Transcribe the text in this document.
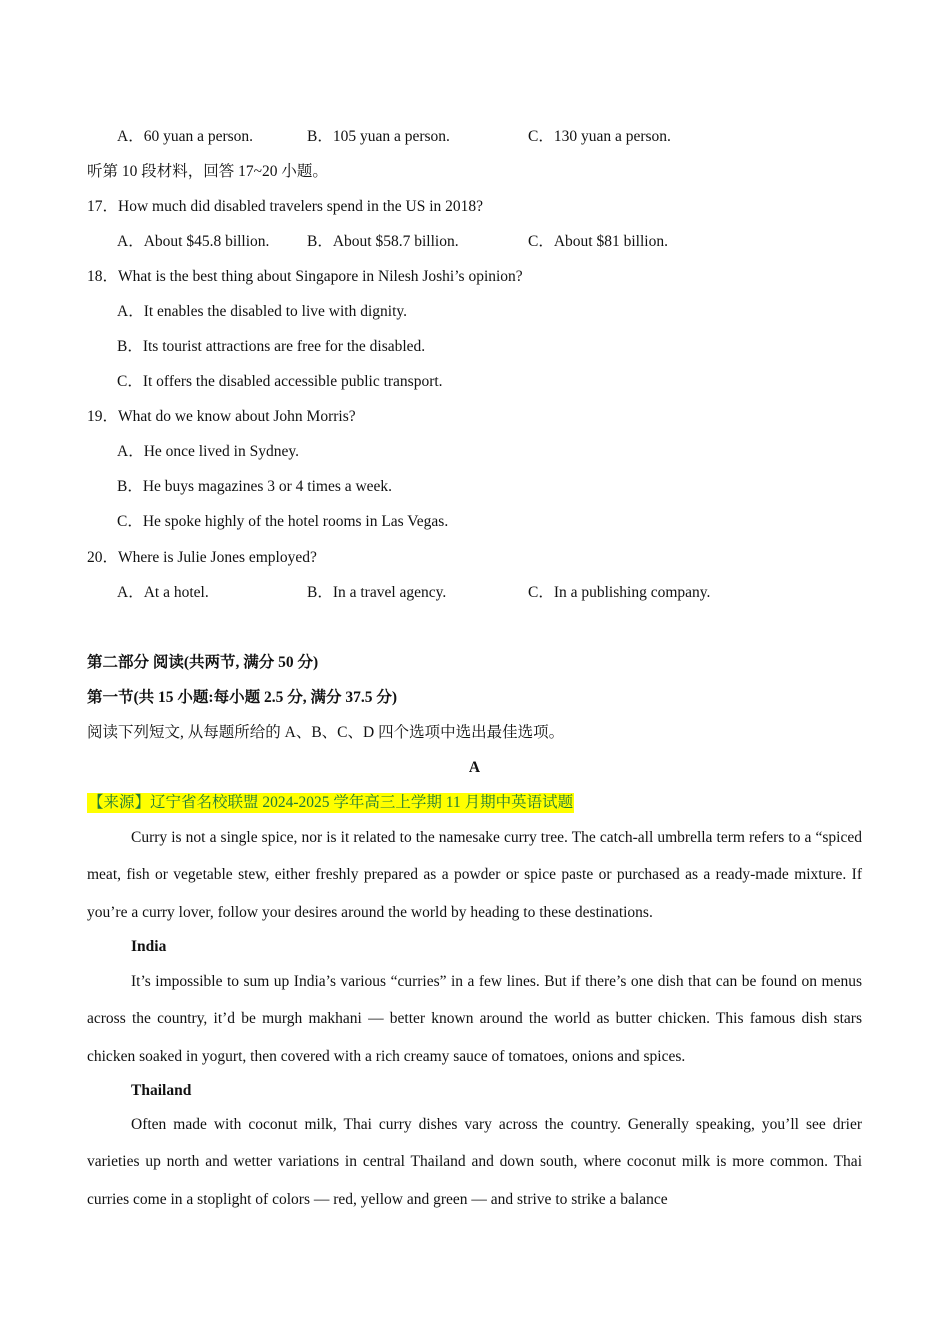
A．60 yuan a person.	B．105 yuan a person.	C．130 yuan a person.
听第 10 段材料，回答 17~20 小题。
17．How much did disabled travelers spend in the US in 2018?
A．About $45.8 billion. B．About $58.7 billion.	C．About $81 billion.
18．What is the best thing about Singapore in Nilesh Joshi’s opinion?
A．It enables the disabled to live with dignity.
B．Its tourist attractions are free for the disabled.
C．It offers the disabled accessible public transport.
19．What do we know about John Morris?
A．He once lived in Sydney.
B．He buys magazines 3 or 4 times a week.
C．He spoke highly of the hotel rooms in Las Vegas.
20．Where is Julie Jones employed?
A．At a hotel.	B．In a travel agency.	C．In a publishing company.
第二部分 阅读(共两节, 满分 50 分)
第一节(共 15 小题:每小题 2.5 分, 满分 37.5 分)
阅读下列短文, 从每题所给的 A、B、C、D 四个选项中选出最佳选项。
A
【来源】辽宁省名校联盟 2024-2025 学年高三上学期 11 月期中英语试题
Curry is not a single spice, nor is it related to the namesake curry tree. The catch-all umbrella term refers to a “spiced meat, fish or vegetable stew, either freshly prepared as a powder or spice paste or purchased as a ready-made mixture. If you’re a curry lover, follow your desires around the world by heading to these destinations.
India
It’s impossible to sum up India’s various “curries” in a few lines. But if there’s one dish that can be found on menus across the country, it’d be murgh makhani — better known around the world as butter chicken. This famous dish stars chicken soaked in yogurt, then covered with a rich creamy sauce of tomatoes, onions and spices.
Thailand
Often made with coconut milk, Thai curry dishes vary across the country. Generally speaking, you’ll see drier varieties up north and wetter variations in central Thailand and down south, where coconut milk is more common. Thai curries come in a stoplight of colors — red, yellow and green — and strive to strike a balance
